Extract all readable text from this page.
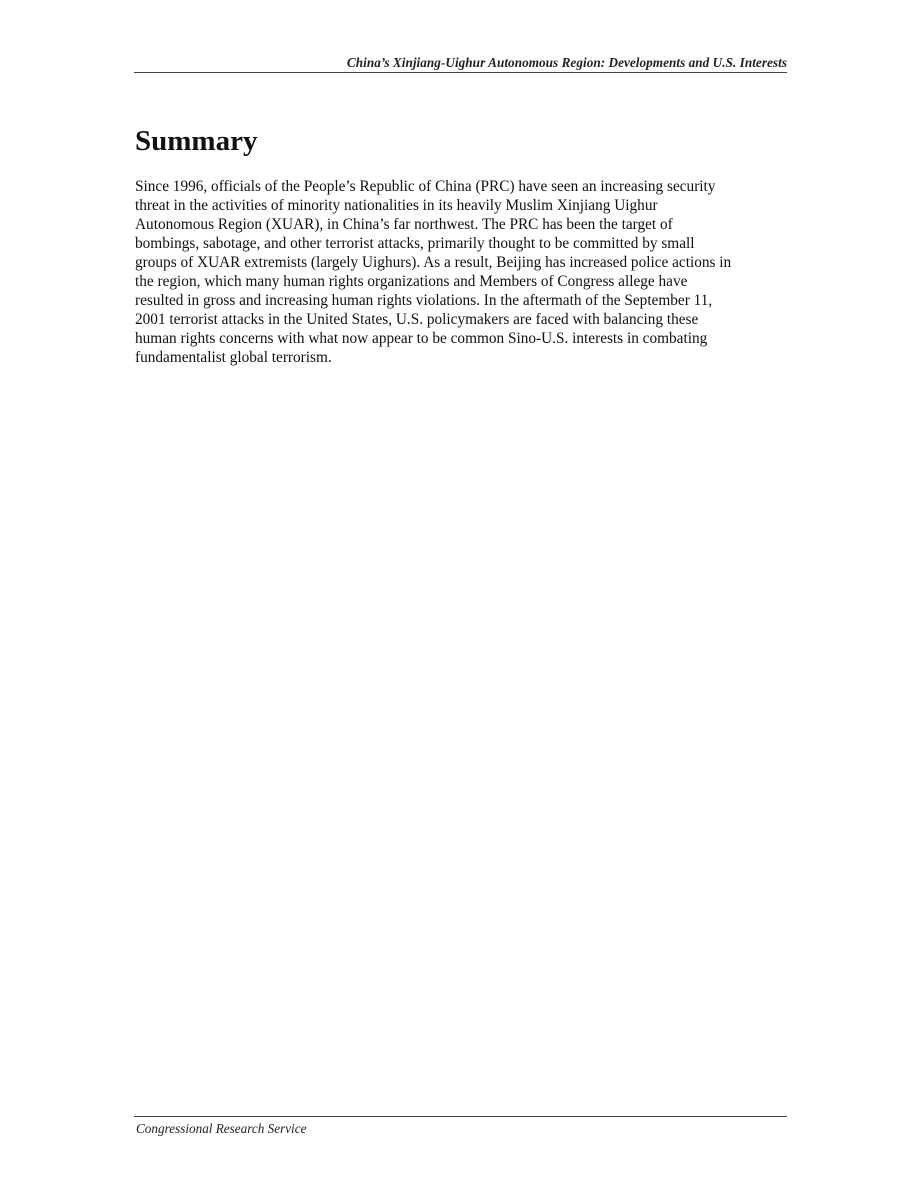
China’s Xinjiang-Uighur Autonomous Region: Developments and U.S. Interests
Summary

Since 1996, officials of the People’s Republic of China (PRC) have seen an increasing security
threat in the activities of minority nationalities in its heavily Muslim Xinjiang Uighur
Autonomous Region (XUAR), in China’s far northwest. The PRC has been the target of
bombings, sabotage, and other terrorist attacks, primarily thought to be committed by small
groups of XUAR extremists (largely Uighurs). As a result, Beijing has increased police actions in
the region, which many human rights organizations and Members of Congress allege have
resulted in gross and increasing human rights violations. In the aftermath of the September 11,
2001 terrorist attacks in the United States, U.S. policymakers are faced with balancing these
human rights concerns with what now appear to be common Sino-U.S. interests in combating
fundamentalist global terrorism.

Congressional Research Service
